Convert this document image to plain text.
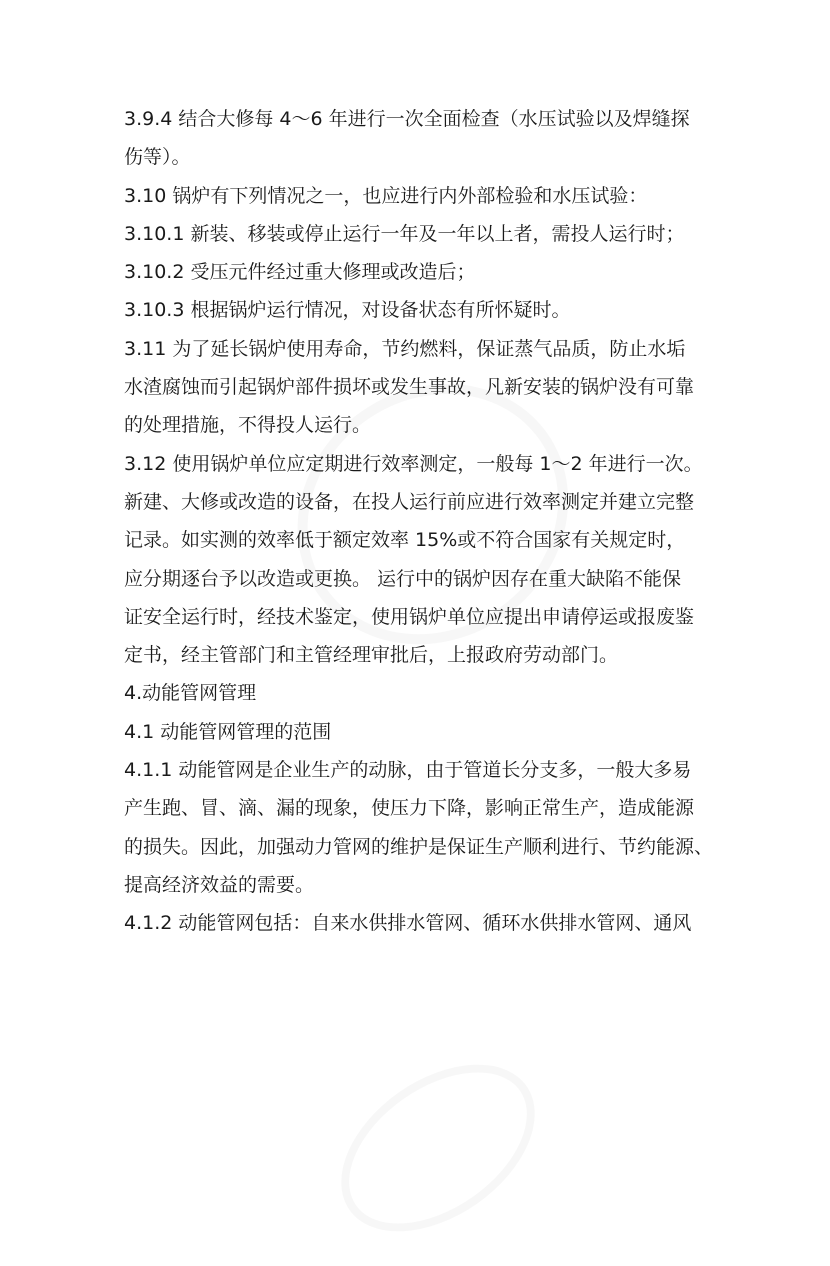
3.9.4 结合大修每 4～6 年进行一次全面检查（水压试验以及焊缝探

伤等）。

3.10 锅炉有下列情况之一，也应进行内外部检验和水压试验：

3.10.1 新装、移装或停止运行一年及一年以上者，需投人运行时；

3.10.2 受压元件经过重大修理或改造后；

3.10.3 根据锅炉运行情况，对设备状态有所怀疑时。

3.11 为了延长锅炉使用寿命，节约燃料，保证蒸气品质，防止水垢

水渣腐蚀而引起锅炉部件损坏或发生事故，凡新安装的锅炉没有可靠

的处理措施，不得投人运行。

3.12 使用锅炉单位应定期进行效率测定，一般每 1～2 年进行一次。

新建、大修或改造的设备，在投人运行前应进行效率测定并建立完整

记录。如实测的效率低于额定效率 15%或不符合国家有关规定时，

应分期逐台予以改造或更换。 运行中的锅炉因存在重大缺陷不能保

证安全运行时，经技术鉴定，使用锅炉单位应提出申请停运或报废鉴

定书，经主管部门和主管经理审批后，上报政府劳动部门。

4.动能管网管理

4.1 动能管网管理的范围

4.1.1 动能管网是企业生产的动脉，由于管道长分支多，一般大多易

产生跑、冒、滴、漏的现象，使压力下降，影响正常生产，造成能源

的损失。因此，加强动力管网的维护是保证生产顺利进行、节约能源、

提高经济效益的需要。

4.1.2 动能管网包括：自来水供排水管网、循环水供排水管网、通风
